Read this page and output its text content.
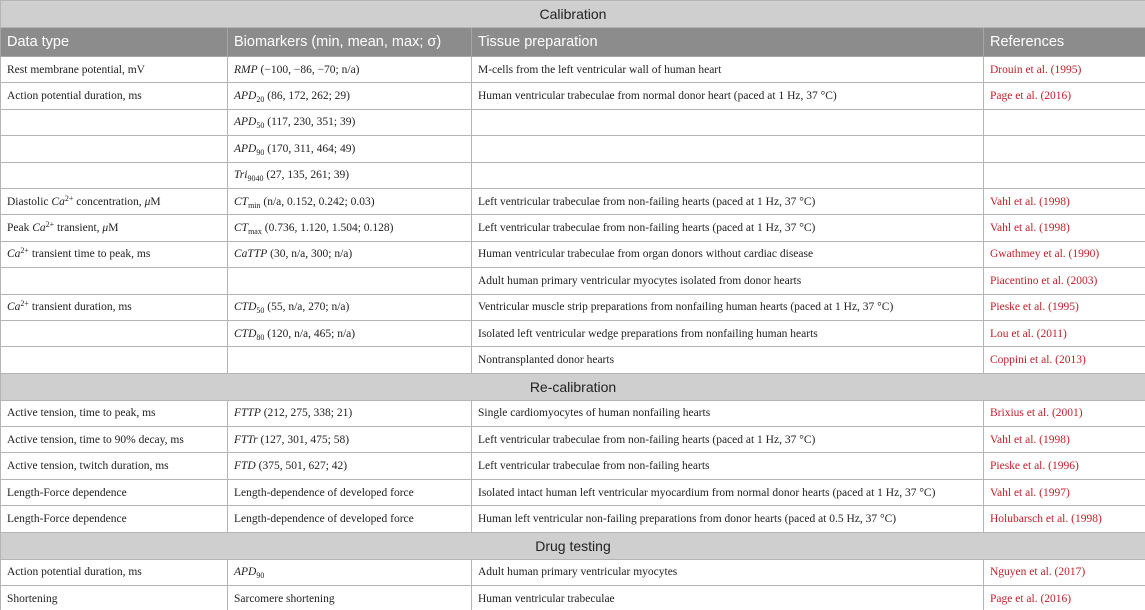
Calibration			
Data type	Biomarkers (min, mean, max; σ)	Tissue preparation	References
Rest membrane potential, mV	RMP (−100, −86, −70; n/a)	M-cells from the left ventricular wall of human heart	Drouin et al. (1995)
Action potential duration, ms	$APD_{20}$ (86, 172, 262; 29)	Human ventricular trabeculae from normal donor heart (paced at 1 Hz, 37 °C)	Page et al. (2016)
	$APD_{50}$ (117, 230, 351; 39)		
	$APD_{90}$ (170, 311, 464; 49)		
	Tri$_{9040}$ (27, 135, 261; 39)		
Diastolic $Ca^{2+}$ concentration, μM	$CT_{min}$ (n/a, 0.152, 0.242; 0.03)	Left ventricular trabeculae from non-failing hearts (paced at 1 Hz, 37 °C)	Vahl et al. (1998)
Peak $Ca^{2+}$ transient, μM	$CT_{max}$ (0.736, 1.120, 1.504; 0.128)	Left ventricular trabeculae from non-failing hearts (paced at 1 Hz, 37 °C)	Vahl et al. (1998)
$Ca^{2+}$ transient time to peak, ms	CaTTP (30, n/a, 300; n/a)	Human ventricular trabeculae from organ donors without cardiac disease	Gwathmey et al. (1990)
		Adult human primary ventricular myocytes isolated from donor hearts	Piacentino et al. (2003)
$Ca^{2+}$ transient duration, ms	$CTD_{50}$ (55, n/a, 270; n/a)	Ventricular muscle strip preparations from nonfailing human hearts (paced at 1 Hz, 37 °C)	Pieske et al. (1995)
	$CTD_{80}$ (120, n/a, 465; n/a)	Isolated left ventricular wedge preparations from nonfailing human hearts	Lou et al. (2011)
		Nontransplanted donor hearts	Coppini et al. (2013)
Re-calibration			
Active tension, time to peak, ms	FTTP (212, 275, 338; 21)	Single cardiomyocytes of human nonfailing hearts	Brixius et al. (2001)
Active tension, time to 90% decay, ms	FTTr (127, 301, 475; 58)	Left ventricular trabeculae from non-failing hearts (paced at 1 Hz, 37 °C)	Vahl et al. (1998)
Active tension, twitch duration, ms	FTD (375, 501, 627; 42)	Left ventricular trabeculae from non-failing hearts	Pieske et al. (1996)
Length-Force dependence	Length-dependence of developed force	Isolated intact human left ventricular myocardium from normal donor hearts (paced at 1 Hz, 37 °C)	Vahl et al. (1997)
Length-Force dependence	Length-dependence of developed force	Human left ventricular non-failing preparations from donor hearts (paced at 0.5 Hz, 37 °C)	Holubarsch et al. (1998)
Drug testing			
Action potential duration, ms	$APD_{90}$	Adult human primary ventricular myocytes	Nguyen et al. (2017)
Shortening	Sarcomere shortening	Human ventricular trabeculae	Page et al. (2016)
